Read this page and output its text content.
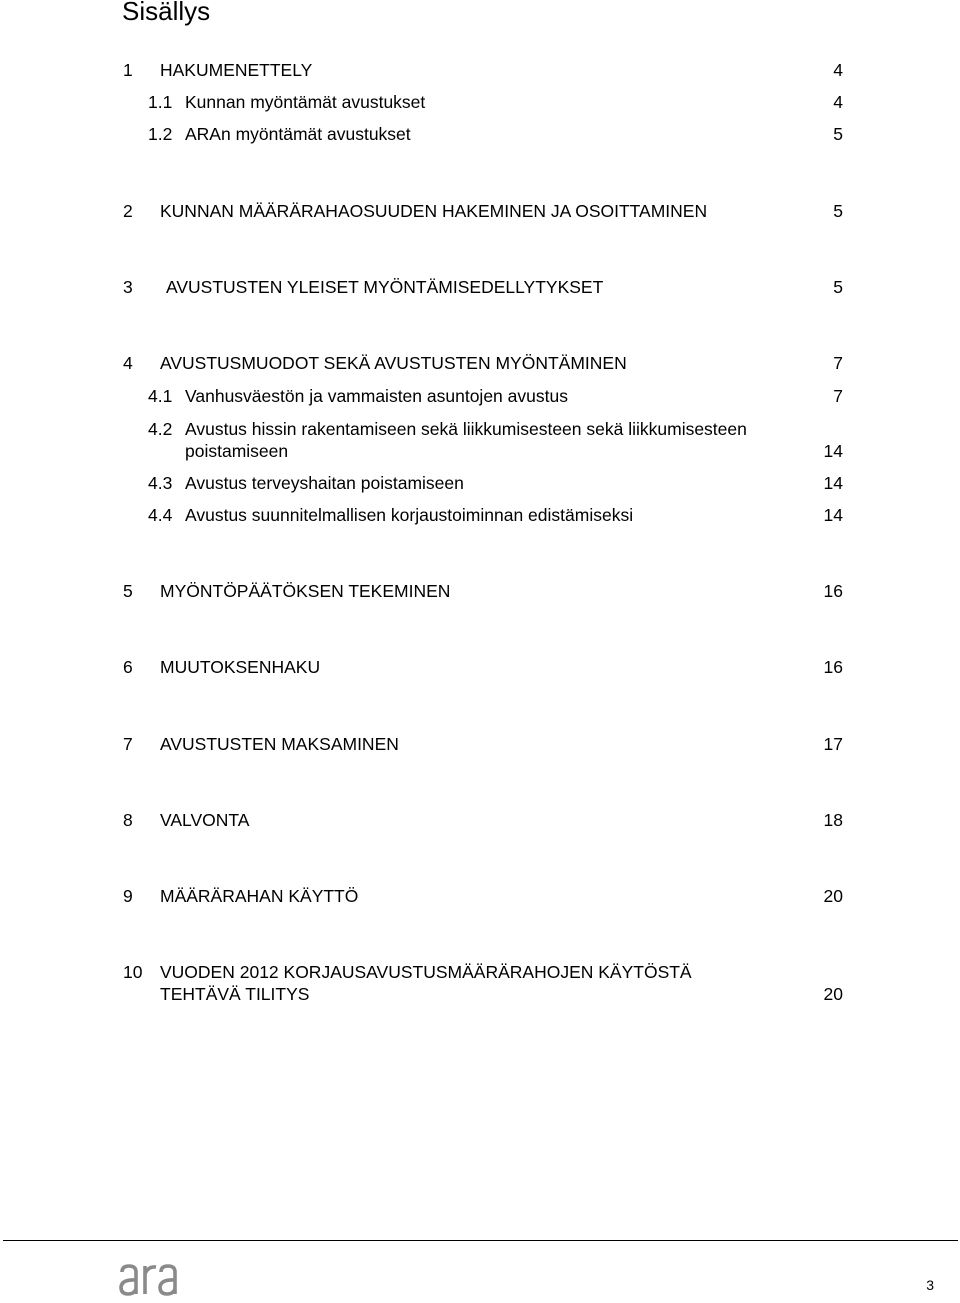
Sisällys
1 HAKUMENETTELY	4
1.1 Kunnan myöntämät avustukset	4
1.2 ARAn myöntämät avustukset	5
2 KUNNAN MÄÄRÄRAHAOSUUDEN HAKEMINEN JA OSOITTAMINEN	5
3 AVUSTUSTEN YLEISET MYÖNTÄMISEDELLYTYKSET	5
4 AVUSTUSMUODOT SEKÄ AVUSTUSTEN MYÖNTÄMINEN	7
4.1 Vanhusväestön ja vammaisten asuntojen avustus	7
4.2 Avustus hissin rakentamiseen sekä liikkumisesteen sekä liikkumisesteen
poistamiseen	14
4.3 Avustus terveyshaitan poistamiseen	14
4.4 Avustus suunnitelmallisen korjaustoiminnan edistämiseksi	14
5 MYÖNTÖPÄÄTÖKSEN TEKEMINEN	16
6 MUUTOKSENHAKU	16
7 AVUSTUSTEN MAKSAMINEN	17
8 VALVONTA	18
9 MÄÄRÄRAHAN KÄYTTÖ	20
10 VUODEN 2012 KORJAUSAVUSTUSMÄÄRÄRAHOJEN KÄYTÖSTÄ
TEHTÄVÄ TILITYS	20
3
